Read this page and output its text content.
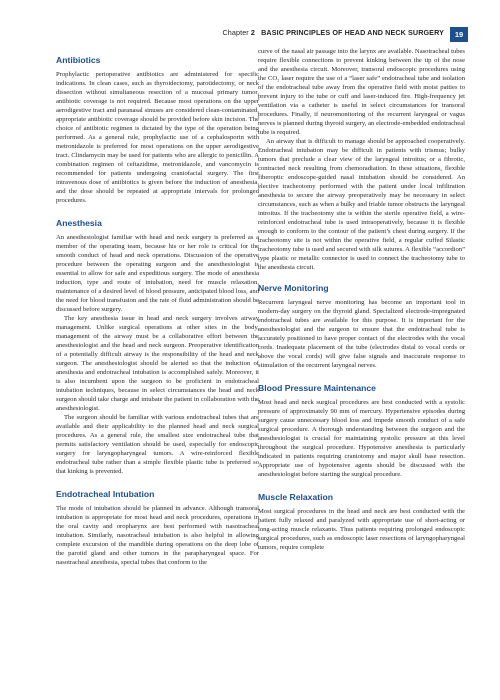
Chapter 2 BASIC PRINCIPLES OF HEAD AND NECK SURGERY	19
Antibiotics

Prophylactic perioperative antibiotics are administered for specific indications. In clean cases, such as thyroidectomy, parotidectomy, or neck dissection without simultaneous resection of a mucosal primary tumor, antibiotic coverage is not required. Because most operations on the upper aerodigestive tract and paranasal sinuses are considered clean-contaminated, appropriate antibiotic coverage should be provided before skin incision. The choice of antibiotic regimen is dictated by the type of the operation being performed. As a general rule, prophylactic use of a cephalosporin with metronidazole is preferred for most operations on the upper aerodigestive tract. Clindamycin may be used for patients who are allergic to penicillin. A combination regimen of ceftazidime, metronidazole, and vancomycin is recommended for patients undergoing craniofacial surgery. The first intravenous dose of antibiotics is given before the induction of anesthesia, and the dose should be repeated at appropriate intervals for prolonged procedures.

Anesthesia

An anesthesiologist familiar with head and neck surgery is preferred as a member of the operating team, because his or her role is critical for the smooth conduct of head and neck operations. Discussion of the operative procedure between the operating surgeon and the anesthesiologist is essential to allow for safe and expeditious surgery. The mode of anesthesia induction, type and route of intubation, need for muscle relaxation, maintenance of a desired level of blood pressure, anticipated blood loss, and the need for blood transfusion and the rate of fluid administration should be discussed before surgery.

The key anesthesia issue in head and neck surgery involves airway management. Unlike surgical operations at other sites in the body, management of the airway must be a collaborative effort between the anesthesiologist and the head and neck surgeon. Preoperative identification of a potentially difficult airway is the responsibility of the head and neck surgeon. The anesthesiologist should be alerted so that the induction of anesthesia and endotracheal intubation is accomplished safely. Moreover, it is also incumbent upon the surgeon to be proficient in endotracheal intubation techniques, because in select circumstances the head and neck surgeon should take charge and intubate the patient in collaboration with the anesthesiologist.

The surgeon should be familiar with various endotracheal tubes that are available and their applicability to the planned head and neck surgical procedures. As a general rule, the smallest size endotracheal tube that permits satisfactory ventilation should be used, especially for endoscopic surgery for laryngopharyngeal tumors. A wire-reinforced flexible endotracheal tube rather than a simple flexible plastic tube is preferred so that kinking is prevented.

Endotracheal Intubation

The mode of intubation should be planned in advance. Although transoral intubation is appropriate for most head and neck procedures, operations in the oral cavity and oropharynx are best performed with nasotracheal intubation. Similarly, nasotracheal intubation is also helpful in allowing complete excursion of the mandible during operations on the deep lobe of the parotid gland and other tumors in the parapharyngeal space. For nasotracheal anesthesia, special tubes that conform to the

curve of the nasal air passage into the larynx are available. Nasotracheal tubes require flexible connections to prevent kinking between the tip of the nose and the anesthesia circuit. Moreover, transoral endoscopic procedures using the CO₂ laser require the use of a “laser safe” endotracheal tube and isolation of the endotracheal tube away from the operative field with moist patties to prevent injury to the tube or cuff and laser-induced fire. High-frequency jet ventilation via a catheter is useful in select circumstances for transoral procedures. Finally, if neuromonitoring of the recurrent laryngeal or vagus nerves is planned during thyroid surgery, an electrode-embedded endotracheal tube is required.

An airway that is difficult to manage should be approached cooperatively. Endotracheal intubation may be difficult in patients with trismus; bulky tumors that preclude a clear view of the laryngeal introitus; or a fibrotic, contracted neck resulting from chemoradiation. In these situations, flexible fiberoptic endoscope-guided nasal intubation should be considered. An elective tracheotomy performed with the patient under local infiltration anesthesia to secure the airway preoperatively may be necessary in select circumstances, such as when a bulky and friable tumor obstructs the laryngeal introitus. If the tracheotomy site is within the sterile operative field, a wire-reinforced endotracheal tube is used intraoperatively, because it is flexible enough to conform to the contour of the patient’s chest during surgery. If the tracheotomy site is not within the operative field, a regular cuffed Silastic tracheotomy tube is used and secured with silk sutures. A flexible “accordion” type plastic or metallic connector is used to connect the tracheotomy tube to the anesthesia circuit.

Nerve Monitoring

Recurrent laryngeal nerve monitoring has become an important tool in modern-day surgery on the thyroid gland. Specialized electrode-impregnated endotracheal tubes are available for this purpose. It is important for the anesthesiologist and the surgeon to ensure that the endotracheal tube is accurately positioned to have proper contact of the electrodes with the vocal cords. Inadequate placement of the tube (electrodes distal to vocal cords or above the vocal cords) will give false signals and inaccurate response to stimulation of the recurrent laryngeal nerves.

Blood Pressure Maintenance

Most head and neck surgical procedures are best conducted with a systolic pressure of approximately 90 mm of mercury. Hypertensive episodes during surgery cause unnecessary blood loss and impede smooth conduct of a safe surgical procedure. A thorough understanding between the surgeon and the anesthesiologist is crucial for maintaining systolic pressure at this level throughout the surgical procedure. Hypotensive anesthesia is particularly indicated in patients requiring craniotomy and major skull base resection. Appropriate use of hypotensive agents should be discussed with the anesthesiologist before starting the surgical procedure.

Muscle Relaxation

Most surgical procedures in the head and neck are best conducted with the patient fully relaxed and paralyzed with appropriate use of short-acting or long-acting muscle relaxants. Thus patients requiring prolonged endoscopic surgical procedures, such as endoscopic laser resections of laryngopharyngeal tumors, require complete
